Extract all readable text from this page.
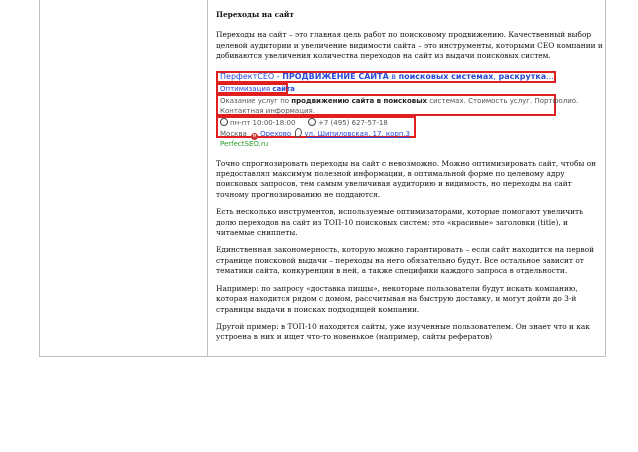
Переходы на сайт

Переходы на сайт – это главная цель работ по поисковому продвижению. Качественный выбор целевой аудитории и увеличение видимости сайта – это инструменты, которыми СЕО компании и добиваются увеличения количества переходов на сайт из выдачи поисковых систем.

ПерфектСЕО - ПРОДВИЖЕНИЕ САЙТА в поисковых системах, раскрутка...
Оптимизация сайта
Оказание услуг по продвижению сайта в поисковых системах. Стоимость услуг. Портфолио.
Контактная информация.
пн-пт 10:00-18:00	+7 (495) 627-57-18
Москва м Орехово ул. Шипиловская, 17, корп.3
PerfectSEO.ru

Точно спрогнозировать переходы на сайт с невозможно. Можно оптимизировать сайт, чтобы он предоставлял максимум полезной информации, в оптимальной форме по целевому адру поисковых запросов, тем самым увеличивая аудиторию и видимость, но переходы на сайт точному прогнозированию не поддаются.

Есть несколько инструментов, используемые оптимизаторами, которые помогают увеличить долю переходов на сайт из ТОП-10 поисковых систем: это «красивые» заголовки (title), и читаемые сниппеты.

Единственная закономерность, которую можно гарантировать – если сайт находится на первой странице поисковой выдачи – переходы на него обязательно будут. Все остальное зависит от тематики сайта, конкуренции в ней, а также специфики каждого запроса в отдельности.

Например: по запросу «доставка пиццы», некоторые пользователи будут искать компанию, которая находится рядом с домом, рассчитывая на быструю доставку, и могут дойти до 3-й страницы выдачи в поисках подходящей компании.

Другой пример: в ТОП-10 находятся сайты, уже изученные пользователем. Он знает что и как устроена в них и ищет что-то новенькое (например, сайты рефератов)
